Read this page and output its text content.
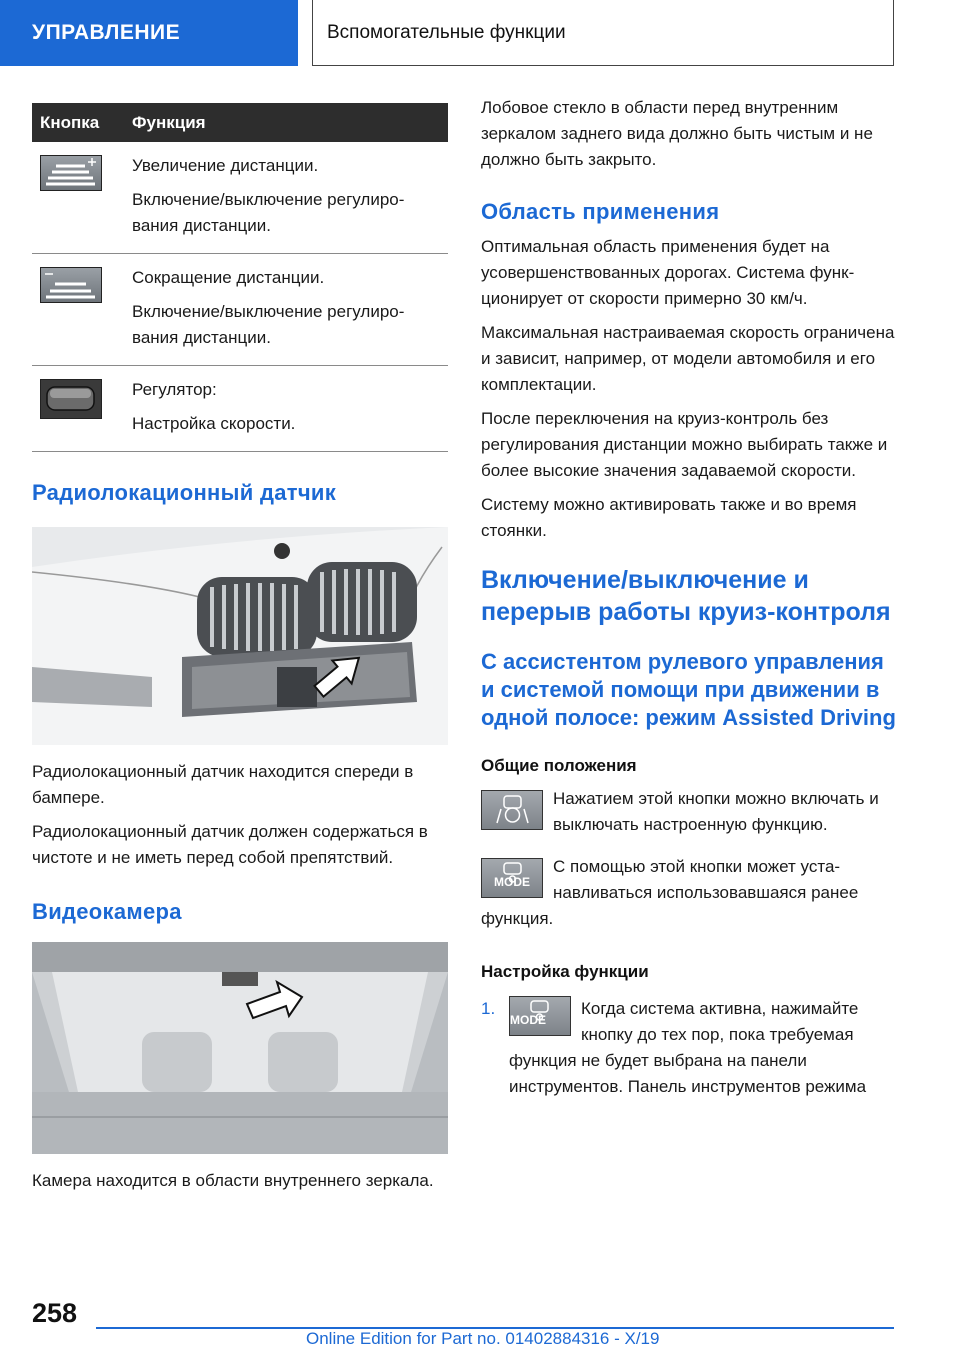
УПРАВЛЕНИЕ	Вспомогательные функции
Кнопка	Функция

Увеличение дистанции.
Включение/выключение регулирования дистанции.

Сокращение дистанции.
Включение/выключение регулирования дистанции.

Регулятор:
Настройка скорости.
Радиолокационный датчик

Радиолокационный датчик находится спереди в бампере.

Радиолокационный датчик должен содержаться в чистоте и не иметь перед собой препятствий.

Видеокамера

Камера находится в области внутреннего зеркала.

Лобовое стекло в области перед внутренним зеркалом заднего вида должно быть чистым и не должно быть закрыто.

Область применения

Оптимальная область применения будет на усовершенствованных дорогах. Система функционирует от скорости примерно 30 км/ч.

Максимальная настраиваемая скорость ограничена и зависит, например, от модели автомобиля и его комплектации.

После переключения на круиз-контроль без регулирования дистанции можно выбирать также и более высокие значения задаваемой скорости.

Систему можно активировать также и во время стоянки.

Включение/выключение и перерыв работы круиз-контроля
С ассистентом рулевого управления и системой помощи при движении в одной полосе: режим Assisted Driving
Общие положения
Нажатием этой кнопки можно включать и выключать настроенную функцию.
MODE
С помощью этой кнопки может устанавливаться использовавшаяся ранее функция.
Настройка функции
1.
MODE
Когда система активна, нажимайте кнопку до тех пор, пока требуемая функция не будет выбрана на панели инструментов. Панель инструментов режима
258
Online Edition for Part no. 01402884316 - X/19
